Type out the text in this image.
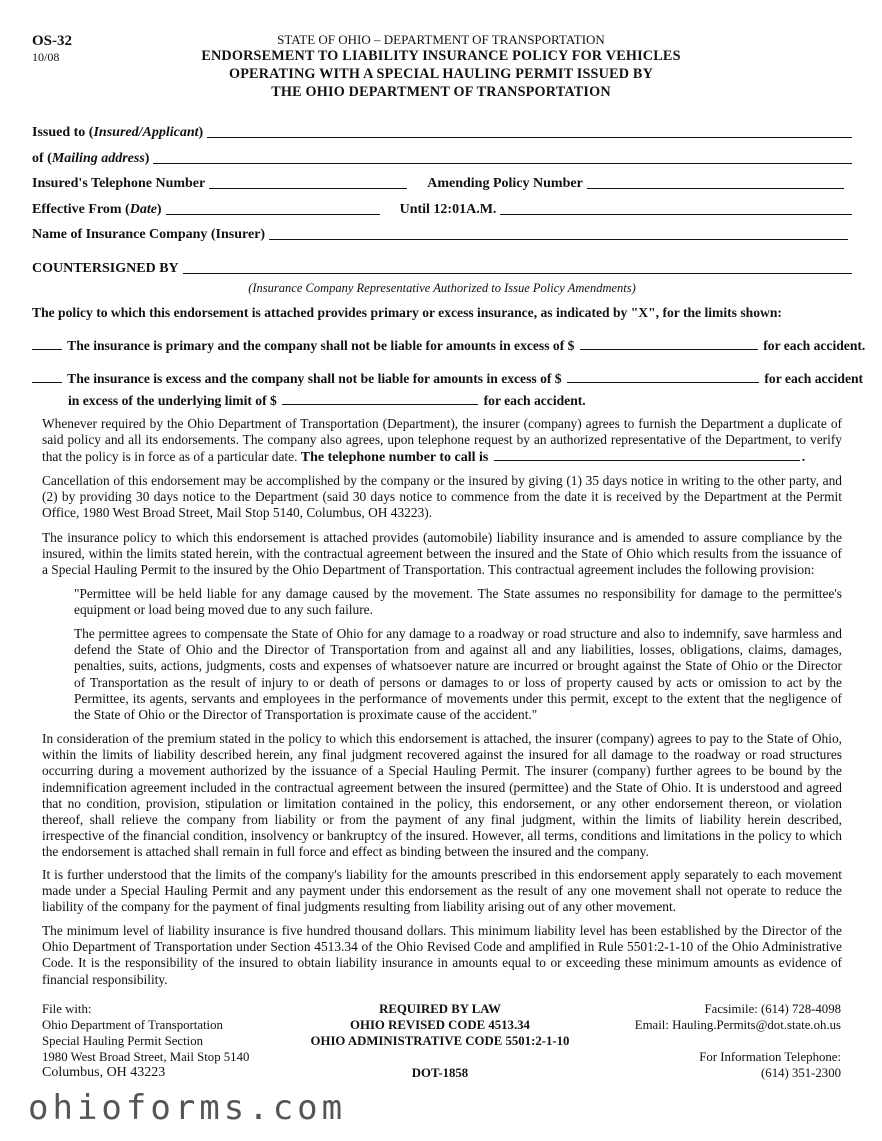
OS-32
10/08
STATE OF OHIO – DEPARTMENT OF TRANSPORTATION
ENDORSEMENT TO LIABILITY INSURANCE POLICY FOR VEHICLES
OPERATING WITH A SPECIAL HAULING PERMIT ISSUED BY
THE OHIO DEPARTMENT OF TRANSPORTATION
Issued to (Insured/Applicant)
of (Mailing address)
Insured's Telephone Number	Amending Policy Number
Effective From (Date)	Until 12:01A.M.
Name of Insurance Company (Insurer)
COUNTERSIGNED BY
(Insurance Company Representative Authorized to Issue Policy Amendments)
The policy to which this endorsement is attached provides primary or excess insurance, as indicated by "X", for the limits shown:
The insurance is primary and the company shall not be liable for amounts in excess of $	for each accident.
The insurance is excess and the company shall not be liable for amounts in excess of $	for each accident
in excess of the underlying limit of $	for each accident.
Whenever required by the Ohio Department of Transportation (Department), the insurer (company) agrees to furnish the Department a duplicate of said policy and all its endorsements. The company also agrees, upon telephone request by an authorized representative of the Department, to verify that the policy is in force as of a particular date. The telephone number to call is	.
Cancellation of this endorsement may be accomplished by the company or the insured by giving (1) 35 days notice in writing to the other party, and (2) by providing 30 days notice to the Department (said 30 days notice to commence from the date it is received by the Department at the Permit Office, 1980 West Broad Street, Mail Stop 5140, Columbus, OH 43223).
The insurance policy to which this endorsement is attached provides (automobile) liability insurance and is amended to assure compliance by the insured, within the limits stated herein, with the contractual agreement between the insured and the State of Ohio which results from the issuance of a Special Hauling Permit to the insured by the Ohio Department of Transportation. This contractual agreement includes the following provision:
"Permittee will be held liable for any damage caused by the movement. The State assumes no responsibility for damage to the permittee's equipment or load being moved due to any such failure.
The permittee agrees to compensate the State of Ohio for any damage to a roadway or road structure and also to indemnify, save harmless and defend the State of Ohio and the Director of Transportation from and against all and any liabilities, losses, obligations, claims, damages, penalties, suits, actions, judgments, costs and expenses of whatsoever nature are incurred or brought against the State of Ohio or the Director of Transportation as the result of injury to or death of persons or damages to or loss of property caused by acts or omission to act by the Permittee, its agents, servants and employees in the performance of movements under this permit, except to the extent that the negligence of the State of Ohio or the Director of Transportation is proximate cause of the accident."
In consideration of the premium stated in the policy to which this endorsement is attached, the insurer (company) agrees to pay to the State of Ohio, within the limits of liability described herein, any final judgment recovered against the insured for all damage to the roadway or road structures occurring during a movement authorized by the issuance of a Special Hauling Permit. The insurer (company) further agrees to be bound by the indemnification agreement included in the contractual agreement between the insured (permittee) and the State of Ohio. It is understood and agreed that no condition, provision, stipulation or limitation contained in the policy, this endorsement, or any other endorsement thereon, or violation thereof, shall relieve the company from liability or from the payment of any final judgment, within the limits of liability herein described, irrespective of the financial condition, insolvency or bankruptcy of the insured. However, all terms, conditions and limitations in the policy to which the endorsement is attached shall remain in full force and effect as binding between the insured and the company.
It is further understood that the limits of the company's liability for the amounts prescribed in this endorsement apply separately to each movement made under a Special Hauling Permit and any payment under this endorsement as the result of any one movement shall not operate to reduce the liability of the company for the payment of final judgments resulting from liability arising out of any other movement.
The minimum level of liability insurance is five hundred thousand dollars. This minimum liability level has been established by the Director of the Ohio Department of Transportation under Section 4513.34 of the Ohio Revised Code and amplified in Rule 5501:2-1-10 of the Ohio Administrative Code. It is the responsibility of the insured to obtain liability insurance in amounts equal to or exceeding these minimum amounts as evidence of financial responsibility.
File with:
Ohio Department of Transportation
Special Hauling Permit Section
1980 West Broad Street, Mail Stop 5140
Columbus, OH 43223
REQUIRED BY LAW
OHIO REVISED CODE 4513.34
OHIO ADMINISTRATIVE CODE 5501:2-1-10
DOT-1858
Facsimile: (614) 728-4098
Email: Hauling.Permits@dot.state.oh.us
For Information Telephone:
(614) 351-2300
ohioforms.com
